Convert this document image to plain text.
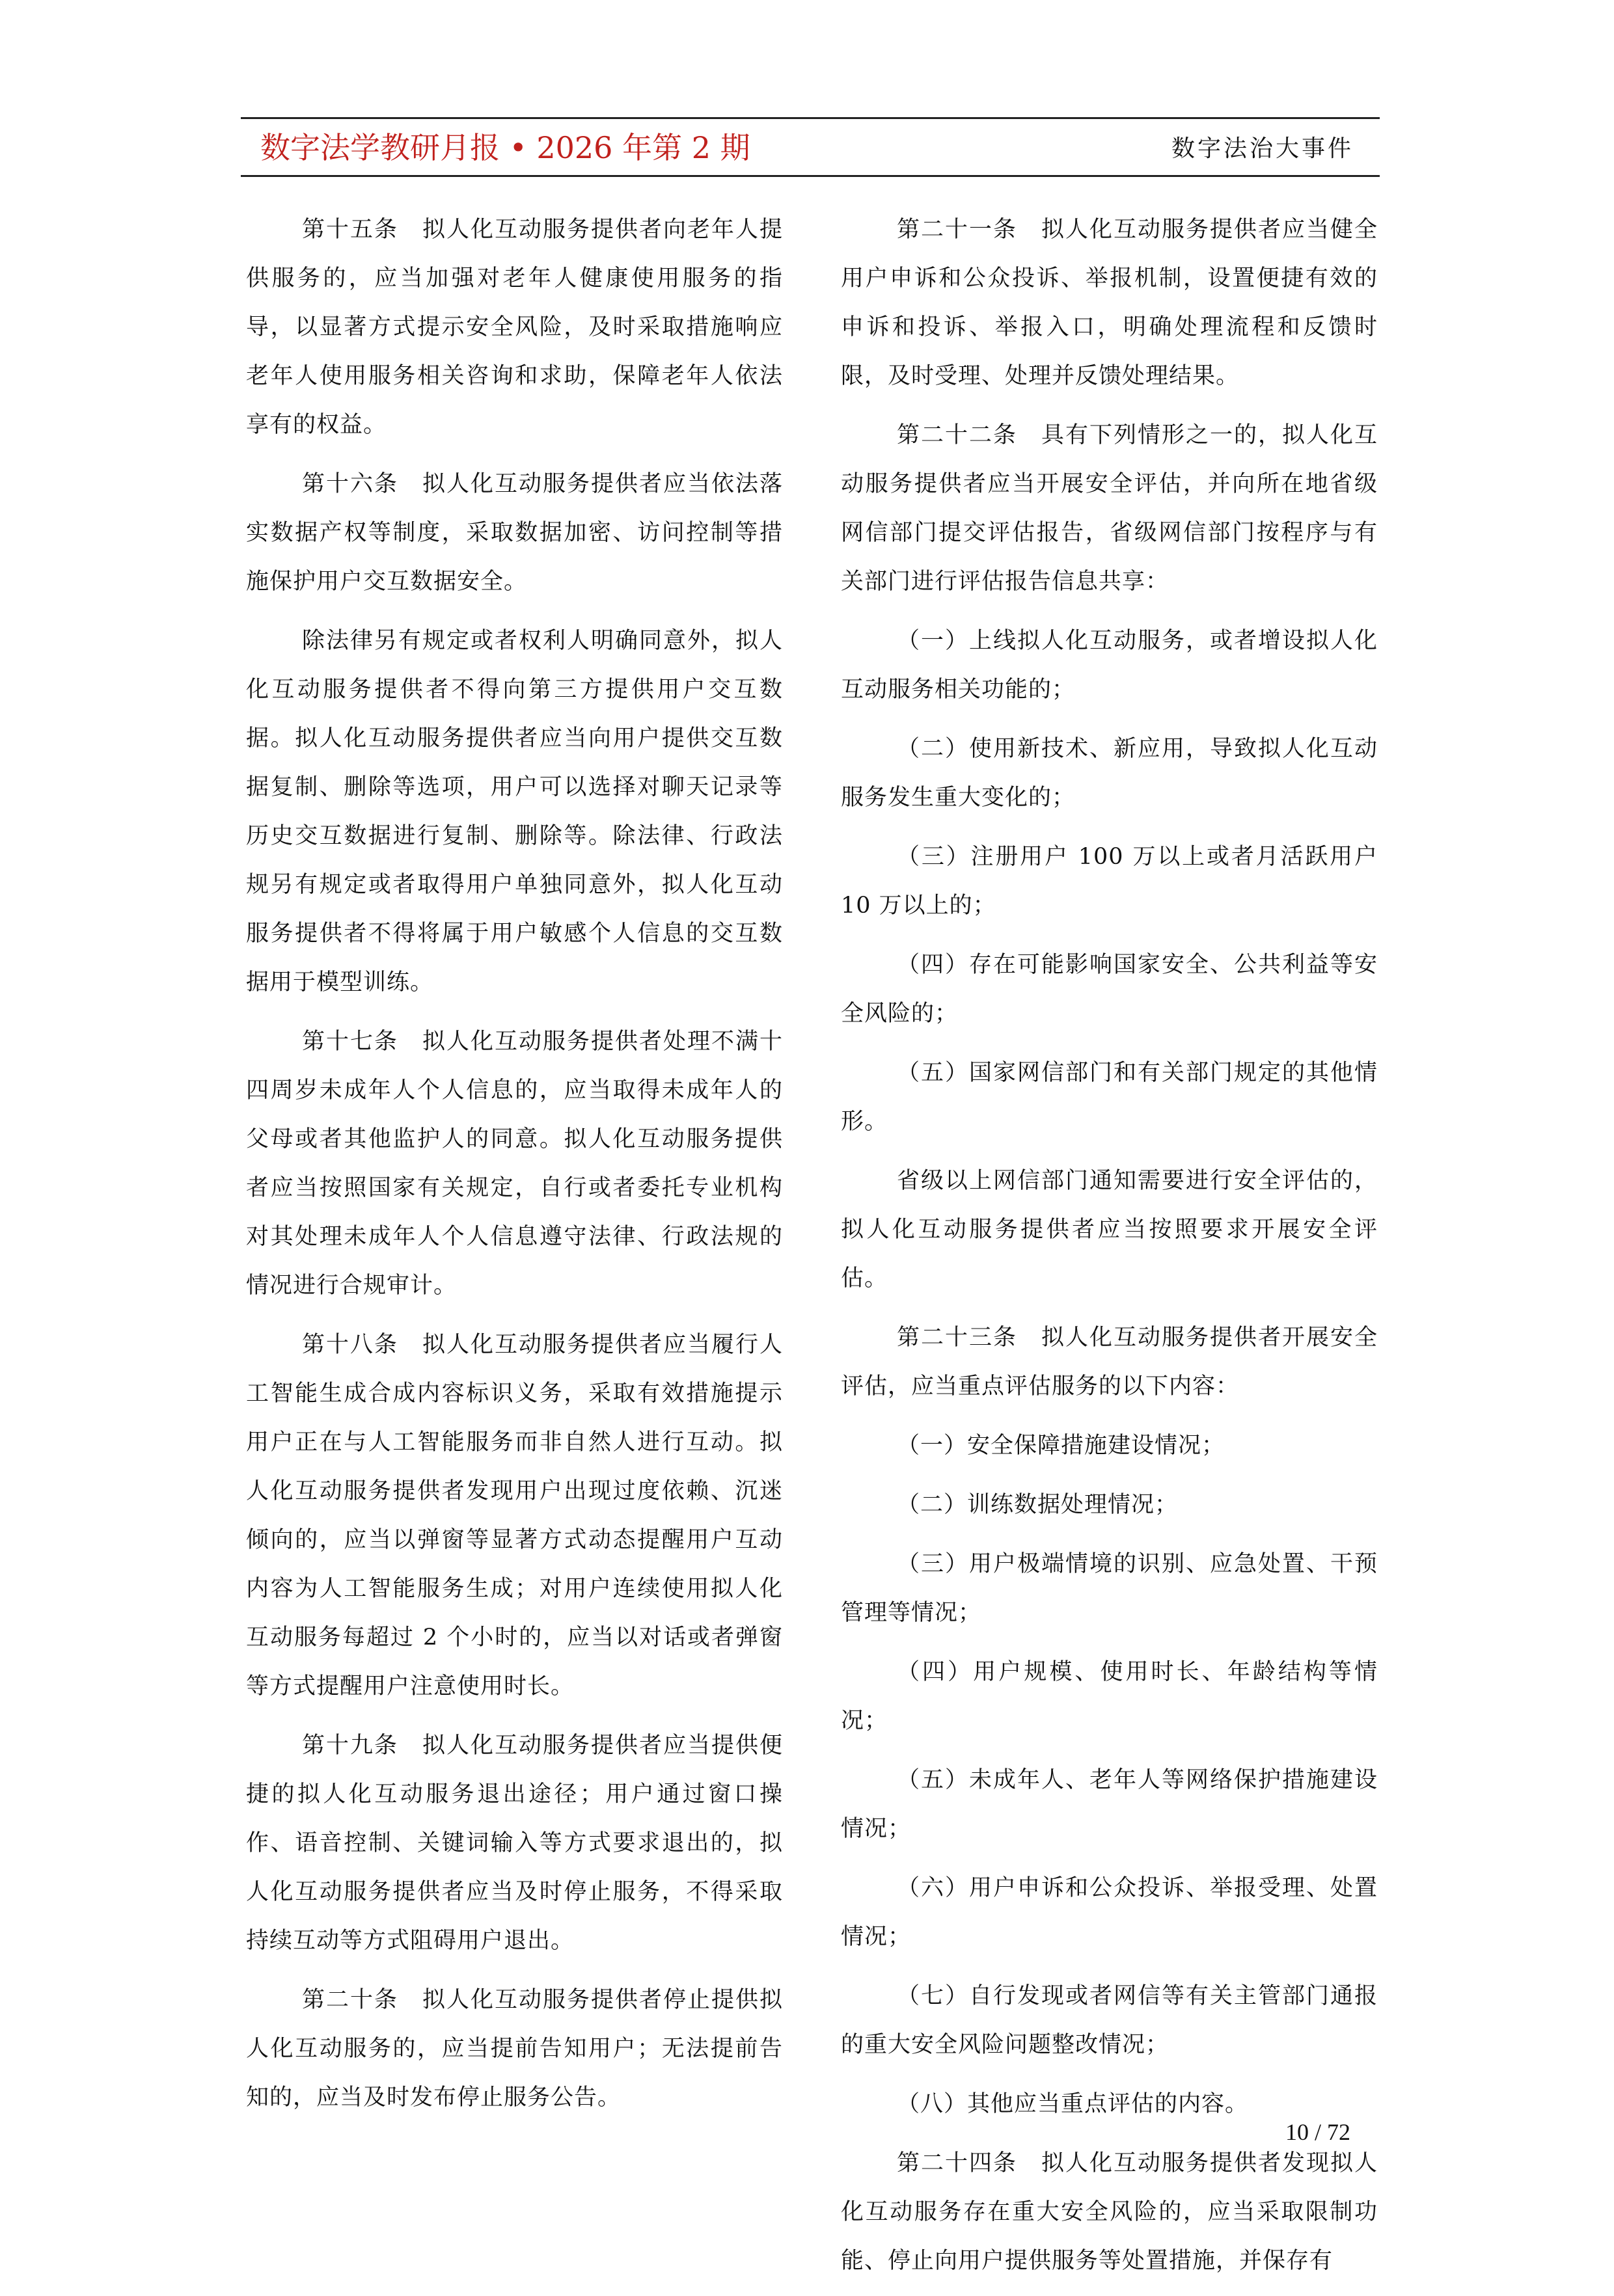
数字法学教研月报 • 2026 年第 2 期	数字法治大事件

第十五条　拟人化互动服务提供者向老年人提供服务的，应当加强对老年人健康使用服务的指导，以显著方式提示安全风险，及时采取措施响应老年人使用服务相关咨询和求助，保障老年人依法享有的权益。

第十六条　拟人化互动服务提供者应当依法落实数据产权等制度，采取数据加密、访问控制等措施保护用户交互数据安全。

除法律另有规定或者权利人明确同意外，拟人化互动服务提供者不得向第三方提供用户交互数据。拟人化互动服务提供者应当向用户提供交互数据复制、删除等选项，用户可以选择对聊天记录等历史交互数据进行复制、删除等。除法律、行政法规另有规定或者取得用户单独同意外，拟人化互动服务提供者不得将属于用户敏感个人信息的交互数据用于模型训练。

第十七条　拟人化互动服务提供者处理不满十四周岁未成年人个人信息的，应当取得未成年人的父母或者其他监护人的同意。拟人化互动服务提供者应当按照国家有关规定，自行或者委托专业机构对其处理未成年人个人信息遵守法律、行政法规的情况进行合规审计。

第十八条　拟人化互动服务提供者应当履行人工智能生成合成内容标识义务，采取有效措施提示用户正在与人工智能服务而非自然人进行互动。拟人化互动服务提供者发现用户出现过度依赖、沉迷倾向的，应当以弹窗等显著方式动态提醒用户互动内容为人工智能服务生成；对用户连续使用拟人化互动服务每超过 2 个小时的，应当以对话或者弹窗等方式提醒用户注意使用时长。

第十九条　拟人化互动服务提供者应当提供便捷的拟人化互动服务退出途径；用户通过窗口操作、语音控制、关键词输入等方式要求退出的，拟人化互动服务提供者应当及时停止服务，不得采取持续互动等方式阻碍用户退出。

第二十条　拟人化互动服务提供者停止提供拟人化互动服务的，应当提前告知用户；无法提前告知的，应当及时发布停止服务公告。

第二十一条　拟人化互动服务提供者应当健全用户申诉和公众投诉、举报机制，设置便捷有效的申诉和投诉、举报入口，明确处理流程和反馈时限，及时受理、处理并反馈处理结果。

第二十二条　具有下列情形之一的，拟人化互动服务提供者应当开展安全评估，并向所在地省级网信部门提交评估报告，省级网信部门按程序与有关部门进行评估报告信息共享：

（一）上线拟人化互动服务，或者增设拟人化互动服务相关功能的；

（二）使用新技术、新应用，导致拟人化互动服务发生重大变化的；

（三）注册用户 100 万以上或者月活跃用户 10 万以上的；

（四）存在可能影响国家安全、公共利益等安全风险的；

（五）国家网信部门和有关部门规定的其他情形。

省级以上网信部门通知需要进行安全评估的，拟人化互动服务提供者应当按照要求开展安全评估。

第二十三条　拟人化互动服务提供者开展安全评估，应当重点评估服务的以下内容：

（一）安全保障措施建设情况；

（二）训练数据处理情况；

（三）用户极端情境的识别、应急处置、干预管理等情况；

（四）用户规模、使用时长、年龄结构等情况；

（五）未成年人、老年人等网络保护措施建设情况；

（六）用户申诉和公众投诉、举报受理、处置情况；

（七）自行发现或者网信等有关主管部门通报的重大安全风险问题整改情况；

（八）其他应当重点评估的内容。

第二十四条　拟人化互动服务提供者发现拟人化互动服务存在重大安全风险的，应当采取限制功能、停止向用户提供服务等处置措施，并保存有

10 / 72
